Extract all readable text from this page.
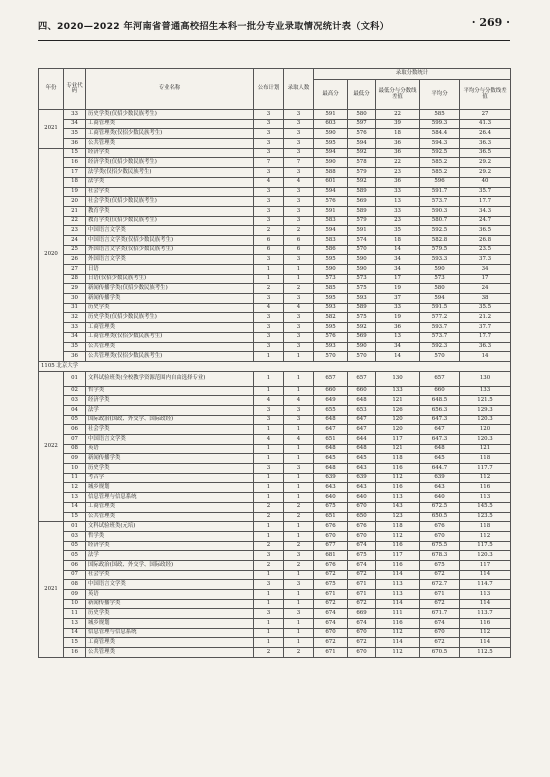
四、2020—2022 年河南省普通高校招生本科一批分专业录取情况统计表（文科）	· 269 ·
年份	专业代码	专业名称	公布计划	录取人数	录取分数统计				
					最高分	最低分	最低分与分数线差值	平均分	平均分与分数线差值
2021	33	历史学类(仅招少数民族考生)	3	3	591	580	22	585	27
	34	工商管理类	3	3	603	597	39	599.3	41.3
	35	工商管理类(仅招少数民族考生)	3	3	590	576	18	584.4	26.4
	36	公共管理类	3	3	595	594	36	594.3	36.3
2020	15	经济学类	3	3	594	592	36	592.5	36.5
	16	经济学类(仅招少数民族考生)	7	7	590	578	22	585.2	29.2
	17	法学类(仅招少数民族考生)	3	3	588	579	23	585.2	29.2
	18	法学类	4	4	601	592	36	596	40
	19	社会学类	3	3	594	589	33	591.7	35.7
	20	社会学类(仅招少数民族考生)	3	3	576	569	13	573.7	17.7
	21	教育学类	3	3	591	589	33	590.3	34.3
	22	教育学类(仅招少数民族考生)	3	3	583	579	23	580.7	24.7
	23	中国语言文学类	2	2	594	591	35	592.5	36.5
	24	中国语言文学类(仅招少数民族考生)	6	6	583	574	18	582.8	26.8
	25	外国语言文学类(仅招少数民族考生)	6	6	586	570	14	579.5	23.5
	26	外国语言文学类	3	3	595	590	34	593.3	37.3
	27	日语	1	1	590	590	34	590	34
	28	日语(仅招少数民族考生)	1	1	573	573	17	573	17
	29	新闻传播学类(仅招少数民族考生)	2	2	585	575	19	580	24
	30	新闻传播学类	3	3	595	593	37	594	38
	31	历史学类	4	4	593	589	33	591.5	35.5
	32	历史学类(仅招少数民族考生)	3	3	582	575	19	577.2	21.2
	33	工商管理类	3	3	595	592	36	593.7	37.7
	34	工商管理类(仅招少数民族考生)	3	3	576	569	13	573.7	17.7
	35	公共管理类	3	3	593	590	34	592.3	36.3
	36	公共管理类(仅招少数民族考生)	1	1	570	570	14	570	14
1105 北京大学									
2022	01	文科试验班类(全校教学资源范围内自由选择专业)	1	1	657	657	130	657	130
	02	哲学类	1	1	660	660	133	660	133
	03	经济学类	4	4	649	648	121	648.5	121.5
	04	法学	3	3	655	653	126	656.3	129.3
	05	国际政治(国政、外交学、国际政经)	3	3	648	647	120	647.3	120.3
	06	社会学类	1	1	647	647	120	647	120
	07	中国语言文学类	4	4	651	644	117	647.3	120.3
	08	英语	1	1	648	648	121	648	121
	09	新闻传播学类	1	1	645	645	118	645	118
	10	历史学类	3	3	648	643	116	644.7	117.7
	11	考古学	1	1	639	639	112	639	112
	12	城乡规划	1	1	643	643	116	643	116
	13	信息管理与信息系统	1	1	640	640	113	640	113
	14	工商管理类	2	2	675	670	143	672.5	145.5
	15	公共管理类	2	2	651	650	123	650.5	123.5
2021	01	文科试验班类(元培)	1	1	676	676	118	676	118
	03	哲学类	1	1	670	670	112	670	112
	05	经济学类	2	2	677	674	116	675.5	117.5
	05	法学	3	3	681	675	117	678.3	120.3
	06	国际政治(国政、外交学、国际政经)	2	2	676	674	116	675	117
	07	社会学类	1	1	672	672	114	672	114
	08	中国语言文学类	3	3	675	671	113	672.7	114.7
	09	英语	1	1	671	671	113	671	113
	10	新闻传播学类	1	1	672	672	114	672	114
	11	历史学类	3	3	674	669	111	671.7	113.7
	13	城乡规划	1	1	674	674	116	674	116
	14	信息管理与信息系统	1	1	670	670	112	670	112
	15	工商管理类	1	1	672	672	114	672	114
	16	公共管理类	2	2	671	670	112	670.5	112.5
